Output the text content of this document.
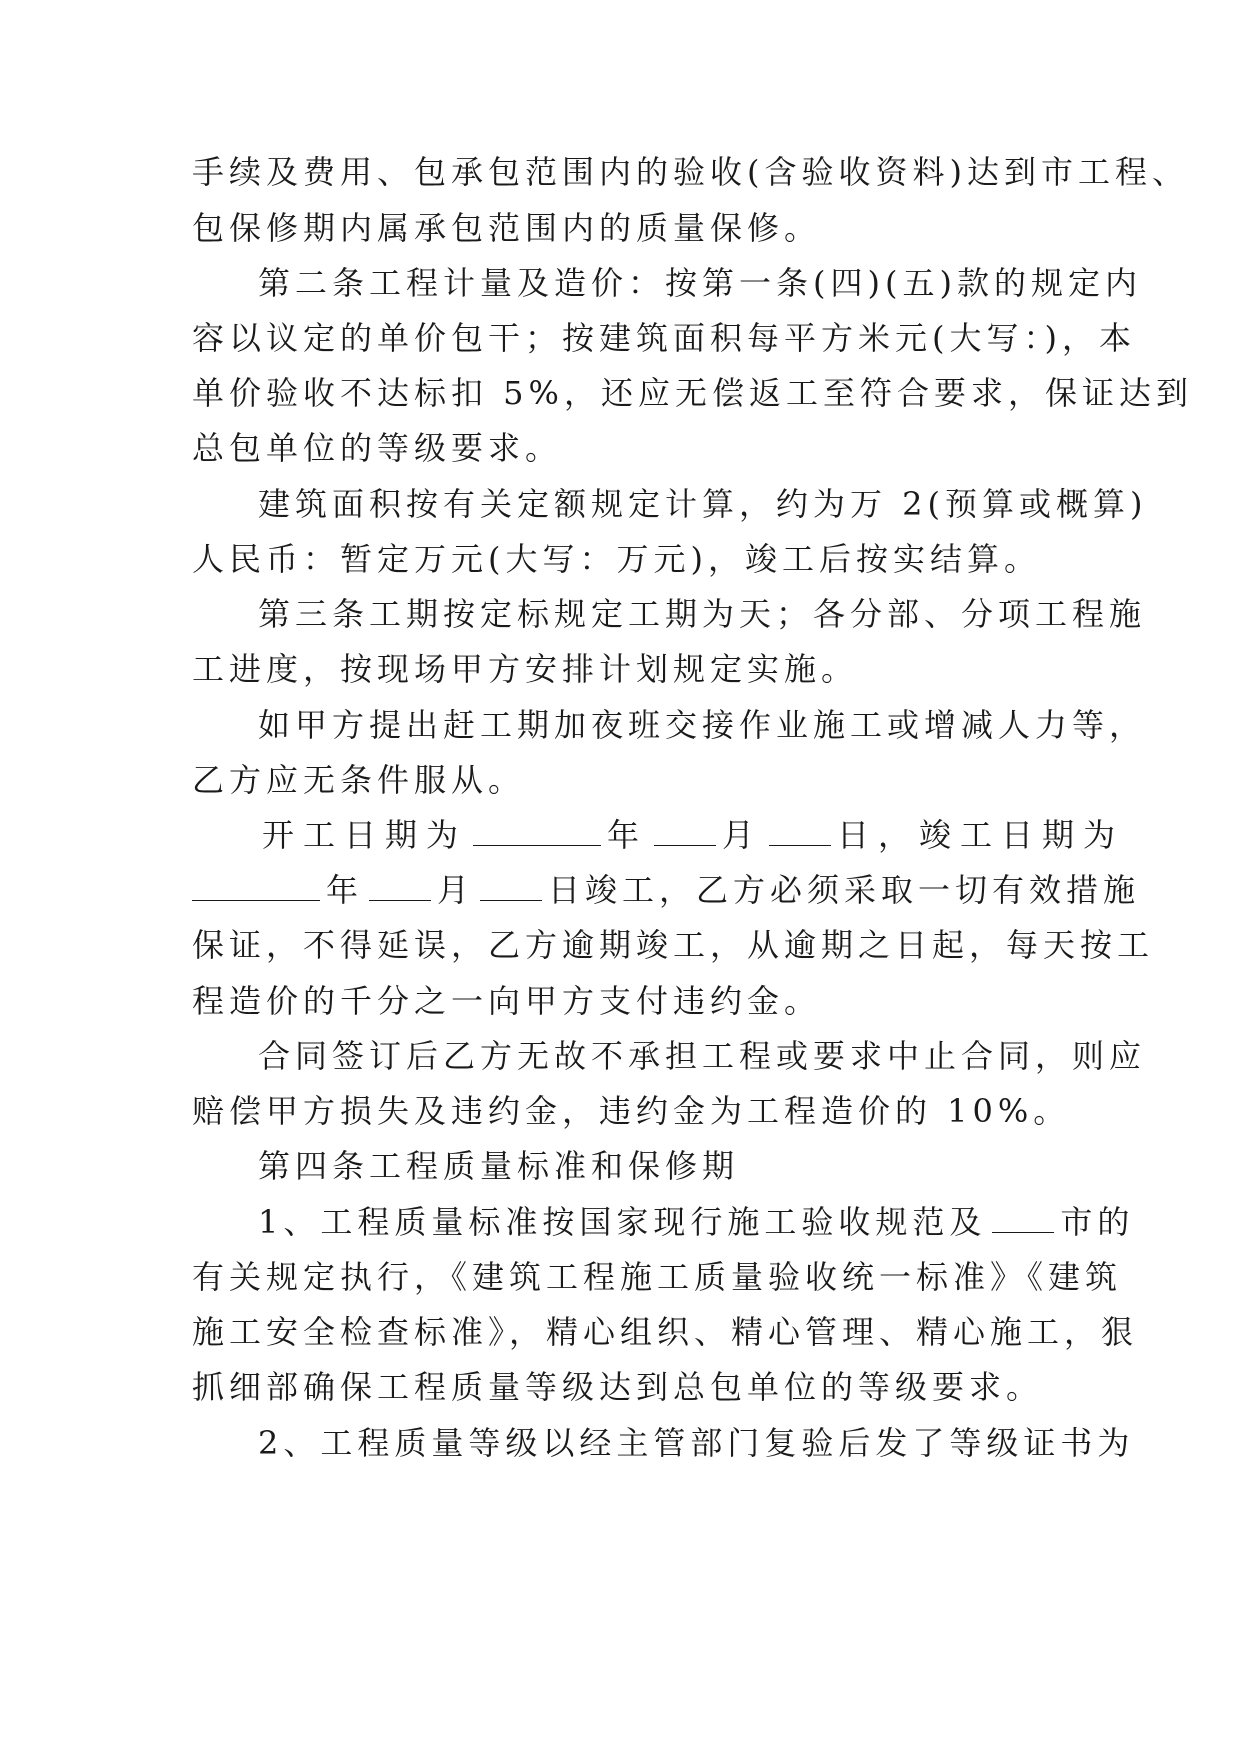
手续及费用、包承包范围内的验收(含验收资料)达到市工程、
包保修期内属承包范围内的质量保修。
第二条工程计量及造价：按第一条(四)(五)款的规定内
容以议定的单价包干；按建筑面积每平方米元(大写：)，本
单价验收不达标扣 5%，还应无偿返工至符合要求，保证达到
总包单位的等级要求。
建筑面积按有关定额规定计算，约为万 2(预算或概算)
人民币：暂定万元(大写：万元)，竣工后按实结算。
第三条工期按定标规定工期为天；各分部、分项工程施
工进度，按现场甲方安排计划规定实施。
如甲方提出赶工期加夜班交接作业施工或增减人力等，
乙方应无条件服从。
开工日期为	年 月 日，竣工日期为
年 月 日竣工，乙方必须采取一切有效措施
保证，不得延误，乙方逾期竣工，从逾期之日起，每天按工
程造价的千分之一向甲方支付违约金。
合同签订后乙方无故不承担工程或要求中止合同，则应
赔偿甲方损失及违约金，违约金为工程造价的 10%。
第四条工程质量标准和保修期
1、工程质量标准按国家现行施工验收规范及 市的
有关规定执行，《建筑工程施工质量验收统一标准》《建筑
施工安全检查标准》，精心组织、精心管理、精心施工，狠
抓细部确保工程质量等级达到总包单位的等级要求。
2、工程质量等级以经主管部门复验后发了等级证书为
